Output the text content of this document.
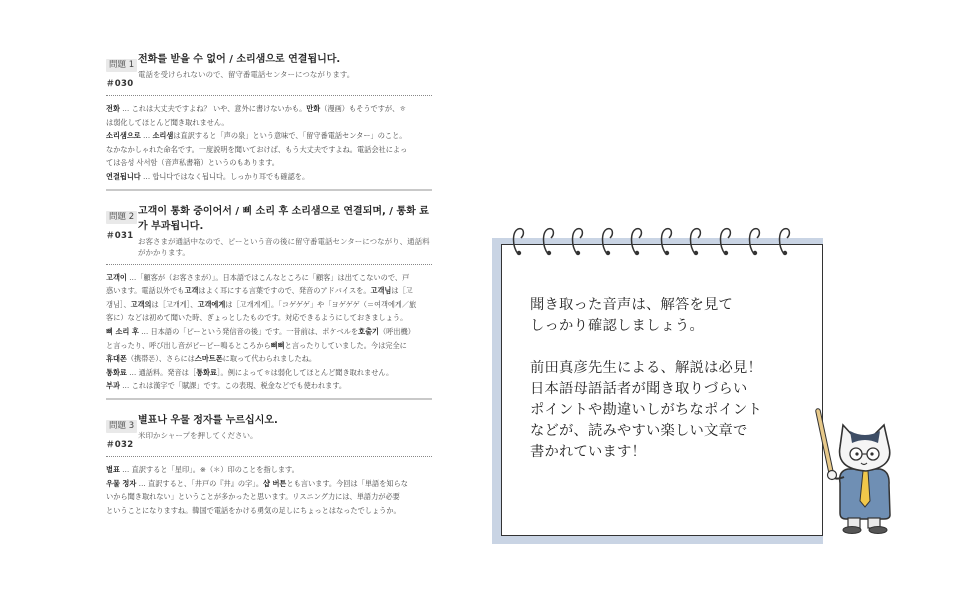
問題 1
＃030
전화를 받을 수 없어 / 소리샘으로 연결됩니다.
電話を受けられないので、留守番電話センターにつながります。
전화 … これは大丈夫ですよね？ いや、意外に書けないかも。만화（漫画）もそうですが、ㅎ
は弱化してほとんど聞き取れません。
소리샘으로 … 소리샘は直訳すると「声の泉」という意味で、「留守番電話センター」のこと。
なかなかしゃれた命名です。一度説明を聞いておけば、もう大丈夫ですよね。電話会社によっ
ては음성 사서함（音声私書箱）というのもあります。
연결됩니다 … 합니다ではなく됩니다。しっかり耳でも確認を。
問題 2
＃031
고객이 통화 중이어서 / 삐 소리 후 소리샘으로 연결되며, / 통화 료가 부과됩니다.
お客さまが通話中なので、ピーという音の後に留守番電話センターにつながり、通話料がかかります。
고객이 …「顧客が（お客さまが）」。日本語ではこんなところに「顧客」は出てこないので、戸
惑います。電話以外でも고객はよく耳にする言葉ですので、発音のアドバイスを。고객님は［고
갱님］、고객의は［고개게］、고객에게は［고개게게］。「コゲゲゲ」や「ヨゲゲゲ（＝여객에게／旅
客に）などは初めて聞いた時、ぎょっとしたものです。対応できるようにしておきましょう。
삐 소리 후 … 日本語の「ピーという発信音の後」です。一昔前は、ポケベルを호출기（呼出機）
と言ったり、呼び出し音がピーピー鳴るところから삐삐と言ったりしていました。今は完全に
휴대폰（携帯폰）、さらには스마트폰に取って代わられましたね。
통화료 … 通話料。発音は［통화료］。例によってㅎは弱化してほとんど聞き取れません。
부과 … これは漢字で「賦課」です。この表現、税金などでも使われます。
問題 3
＃032
별표나 우물 정자를 누르십시오.
米印かシャープを押してください。
별표 … 直訳すると「星印」。※（＊）印のことを指します。
우물 정자 … 直訳すると、「井戸の『井』の字」。샵 버튼とも言います。今回は「単語を知らな
いから聞き取れない」ということが多かったと思います。リスニング力には、単語力が必要
ということになりますね。韓国で電話をかける勇気の足しにちょっとはなったでしょうか。

聞き取った音声は、解答を見て

しっかり確認しましょう。

前田真彦先生による、解説は必見！

日本語母語話者が聞き取りづらい

ポイントや勘違いしがちなポイント

などが、読みやすい楽しい文章で

書かれています！
